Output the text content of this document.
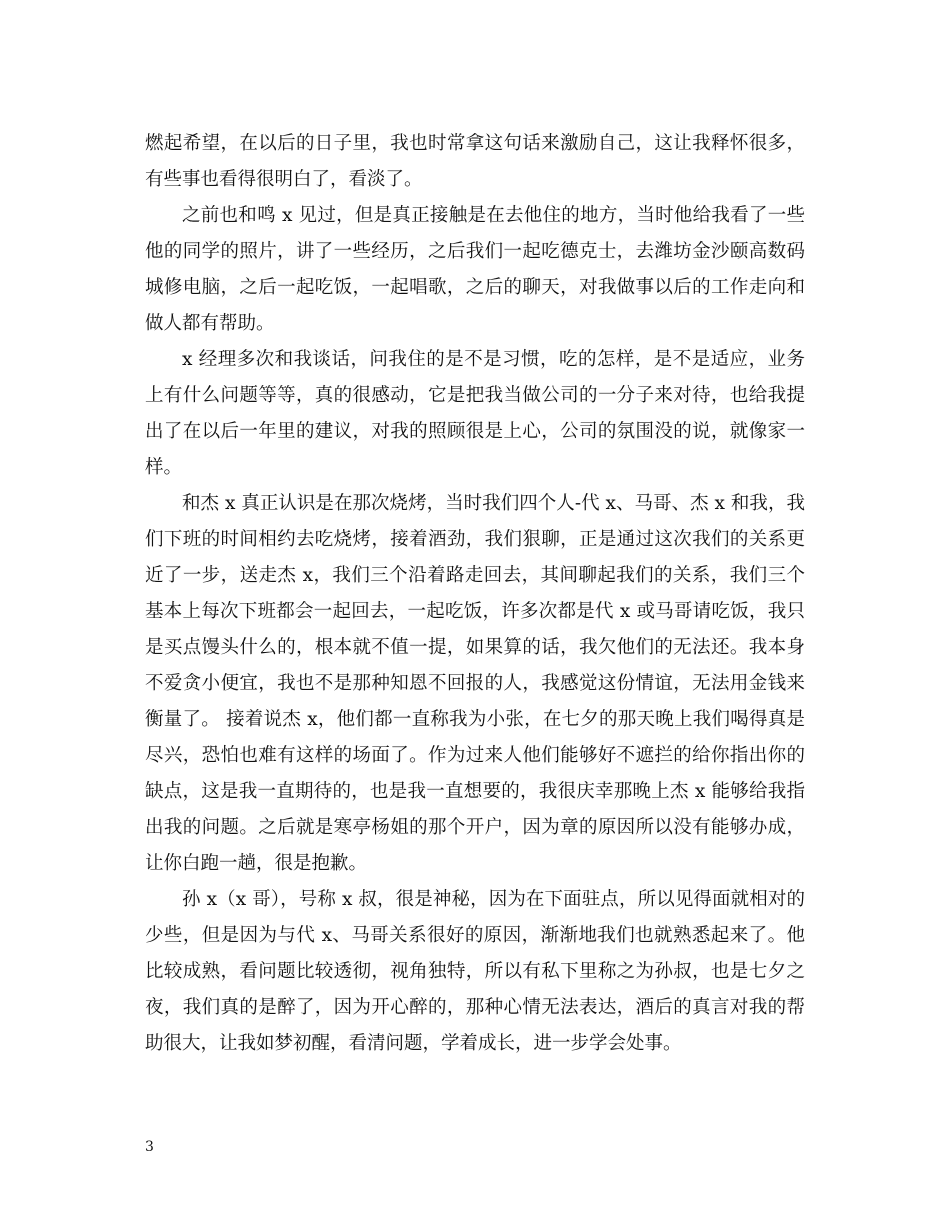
燃起希望，在以后的日子里，我也时常拿这句话来激励自己，这让我释怀很多，有些事也看得很明白了，看淡了。

之前也和鸣 x 见过，但是真正接触是在去他住的地方，当时他给我看了一些他的同学的照片，讲了一些经历，之后我们一起吃德克士，去潍坊金沙颐高数码城修电脑，之后一起吃饭，一起唱歌，之后的聊天，对我做事以后的工作走向和做人都有帮助。

x 经理多次和我谈话，问我住的是不是习惯，吃的怎样，是不是适应，业务上有什么问题等等，真的很感动，它是把我当做公司的一分子来对待，也给我提出了在以后一年里的建议，对我的照顾很是上心，公司的氛围没的说，就像家一样。

和杰 x 真正认识是在那次烧烤，当时我们四个人-代 x、马哥、杰 x 和我，我们下班的时间相约去吃烧烤，接着酒劲，我们狠聊，正是通过这次我们的关系更近了一步，送走杰 x，我们三个沿着路走回去，其间聊起我们的关系，我们三个基本上每次下班都会一起回去，一起吃饭，许多次都是代 x 或马哥请吃饭，我只是买点馒头什么的，根本就不值一提，如果算的话，我欠他们的无法还。我本身不爱贪小便宜，我也不是那种知恩不回报的人，我感觉这份情谊，无法用金钱来衡量了。 接着说杰 x，他们都一直称我为小张，在七夕的那天晚上我们喝得真是尽兴，恐怕也难有这样的场面了。作为过来人他们能够好不遮拦的给你指出你的缺点，这是我一直期待的，也是我一直想要的，我很庆幸那晚上杰 x 能够给我指出我的问题。之后就是寒亭杨姐的那个开户，因为章的原因所以没有能够办成，让你白跑一趟，很是抱歉。

孙 x（x 哥），号称 x 叔，很是神秘，因为在下面驻点，所以见得面就相对的少些，但是因为与代 x、马哥关系很好的原因，渐渐地我们也就熟悉起来了。他比较成熟，看问题比较透彻，视角独特，所以有私下里称之为孙叔，也是七夕之夜，我们真的是醉了，因为开心醉的，那种心情无法表达，酒后的真言对我的帮助很大，让我如梦初醒，看清问题，学着成长，进一步学会处事。

3
